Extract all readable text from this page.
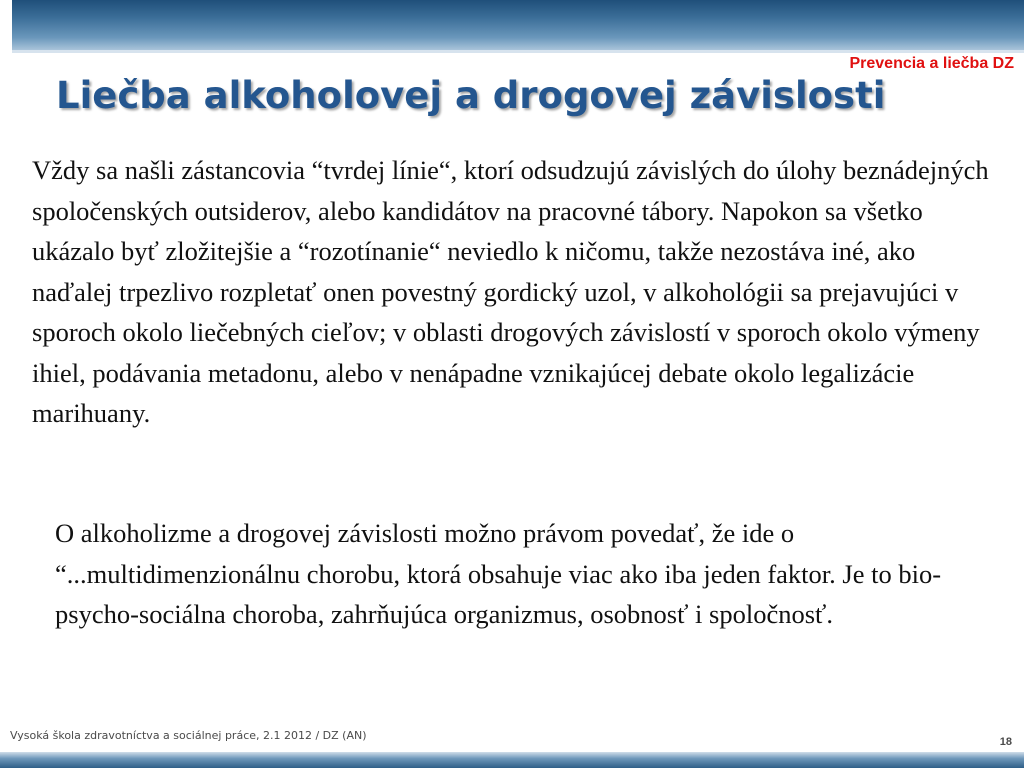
Prevencia a liečba DZ
Liečba alkoholovej a drogovej závislosti

Vždy sa našli zástancovia “tvrdej línie“, ktorí odsudzujú závislých do úlohy beznádejných spoločenských outsiderov, alebo kandidátov na pracovné tábory. Napokon sa všetko ukázalo byť zložitejšie a “rozotínanie“ neviedlo k ničomu, takže nezostáva iné, ako naďalej trpezlivo rozpletať onen povestný gordický uzol, v alkohológii sa prejavujúci v sporoch okolo liečebných cieľov; v oblasti drogových závislostí v sporoch okolo výmeny ihiel, podávania metadonu, alebo v nenápadne vznikajúcej debate okolo legalizácie marihuany.

O alkoholizme a drogovej závislosti možno právom povedať, že ide o “...multidimenzionálnu chorobu, ktorá obsahuje viac ako iba jeden faktor. Je to bio-psycho-sociálna choroba, zahrňujúca organizmus, osobnosť i spoločnosť.

Vysoká škola zdravotníctva a sociálnej práce, 2.1 2012 / DZ (AN)	18
